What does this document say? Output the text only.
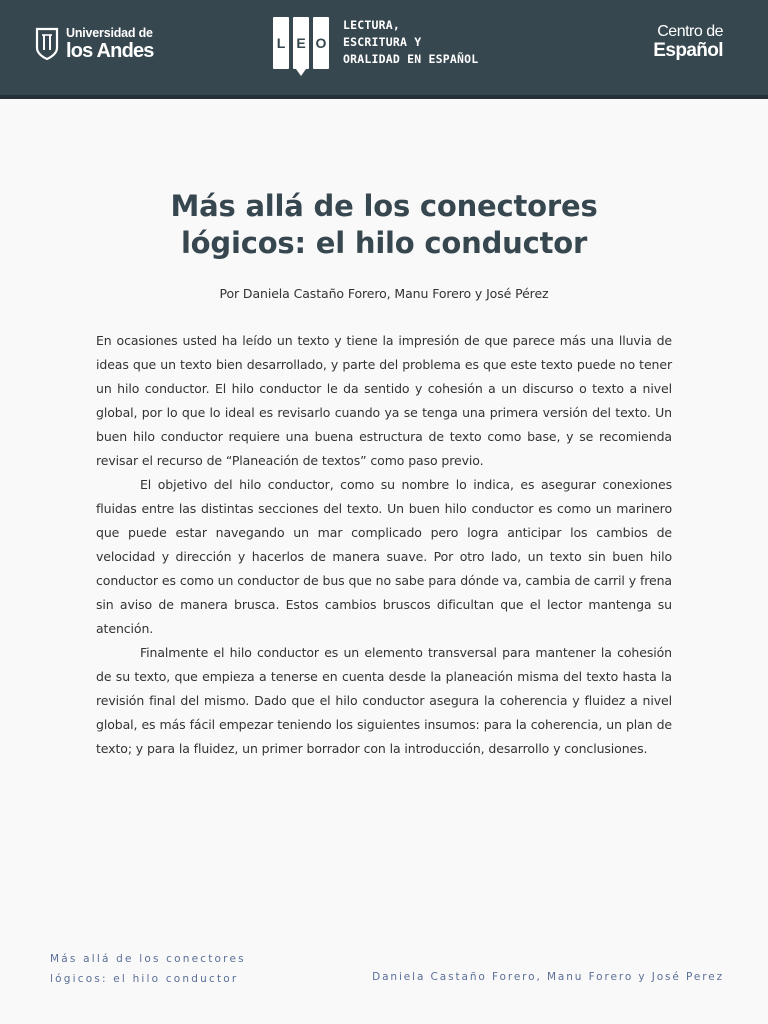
Universidad de
los Andes	L E O
LECTURA,
ESCRITURA Y
ORALIDAD EN ESPAÑOL
Centro de
Español
Más allá de los conectores
lógicos: el hilo conductor
Por Daniela Castaño Forero, Manu Forero y José Pérez

En ocasiones usted ha leído un texto y tiene la impresión de que parece más una lluvia de ideas que un texto bien desarrollado, y parte del problema es que este texto puede no tener un hilo conductor. El hilo conductor le da sentido y cohesión a un discurso o texto a nivel global, por lo que lo ideal es revisarlo cuando ya se tenga una primera versión del texto. Un buen hilo conductor requiere una buena estructura de texto como base, y se recomienda revisar el recurso de “Planeación de textos” como paso previo.

El objetivo del hilo conductor, como su nombre lo indica, es asegurar conexiones fluidas entre las distintas secciones del texto. Un buen hilo conductor es como un marinero que puede estar navegando un mar complicado pero logra anticipar los cambios de velocidad y dirección y hacerlos de manera suave. Por otro lado, un texto sin buen hilo conductor es como un conductor de bus que no sabe para dónde va, cambia de carril y frena sin aviso de manera brusca. Estos cambios bruscos dificultan que el lector mantenga su atención.

Finalmente el hilo conductor es un elemento transversal para mantener la cohesión de su texto, que empieza a tenerse en cuenta desde la planeación misma del texto hasta la revisión final del mismo. Dado que el hilo conductor asegura la coherencia y fluidez a nivel global, es más fácil empezar teniendo los siguientes insumos: para la coherencia, un plan de texto; y para la fluidez, un primer borrador con la introducción, desarrollo y conclusiones.

Más allá de los conectores
lógicos: el hilo conductor	Daniela Castaño Forero, Manu Forero y José Perez
